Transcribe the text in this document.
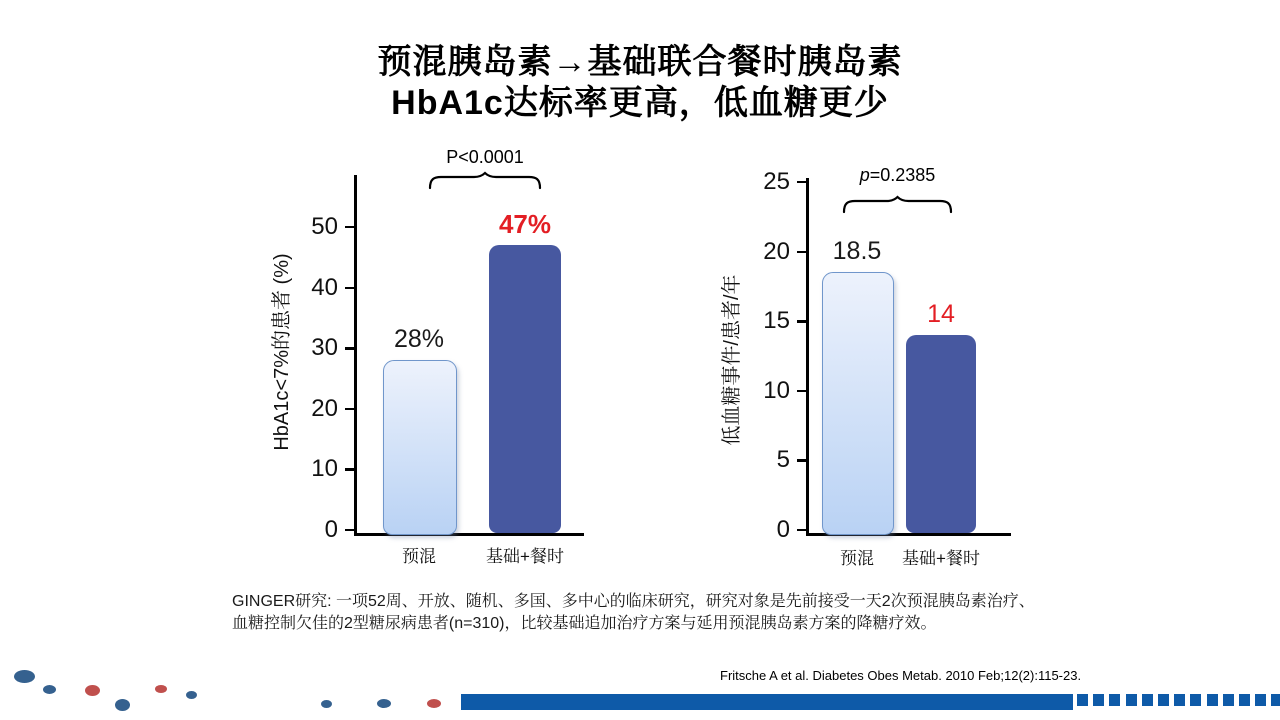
预混胰岛素→基础联合餐时胰岛素
HbA1c达标率更高，低血糖更少
0
10
20
30
40
50
HbA1c<7%的患者 (%)	28%
预混
47%
基础+餐时
P<0.0001
0
5
10
15
20
25
低血糖事件/患者/年
18.5
预混
14
基础+餐时
p=0.2385
GINGER研究: 一项52周、开放、随机、多国、多中心的临床研究，研究对象是先前接受一天2次预混胰岛素治疗、血糖控制欠佳的2型糖尿病患者(n=310)，比较基础追加治疗方案与延用预混胰岛素方案的降糖疗效。
Fritsche A et al. Diabetes Obes Metab. 2010 Feb;12(2):115-23.
